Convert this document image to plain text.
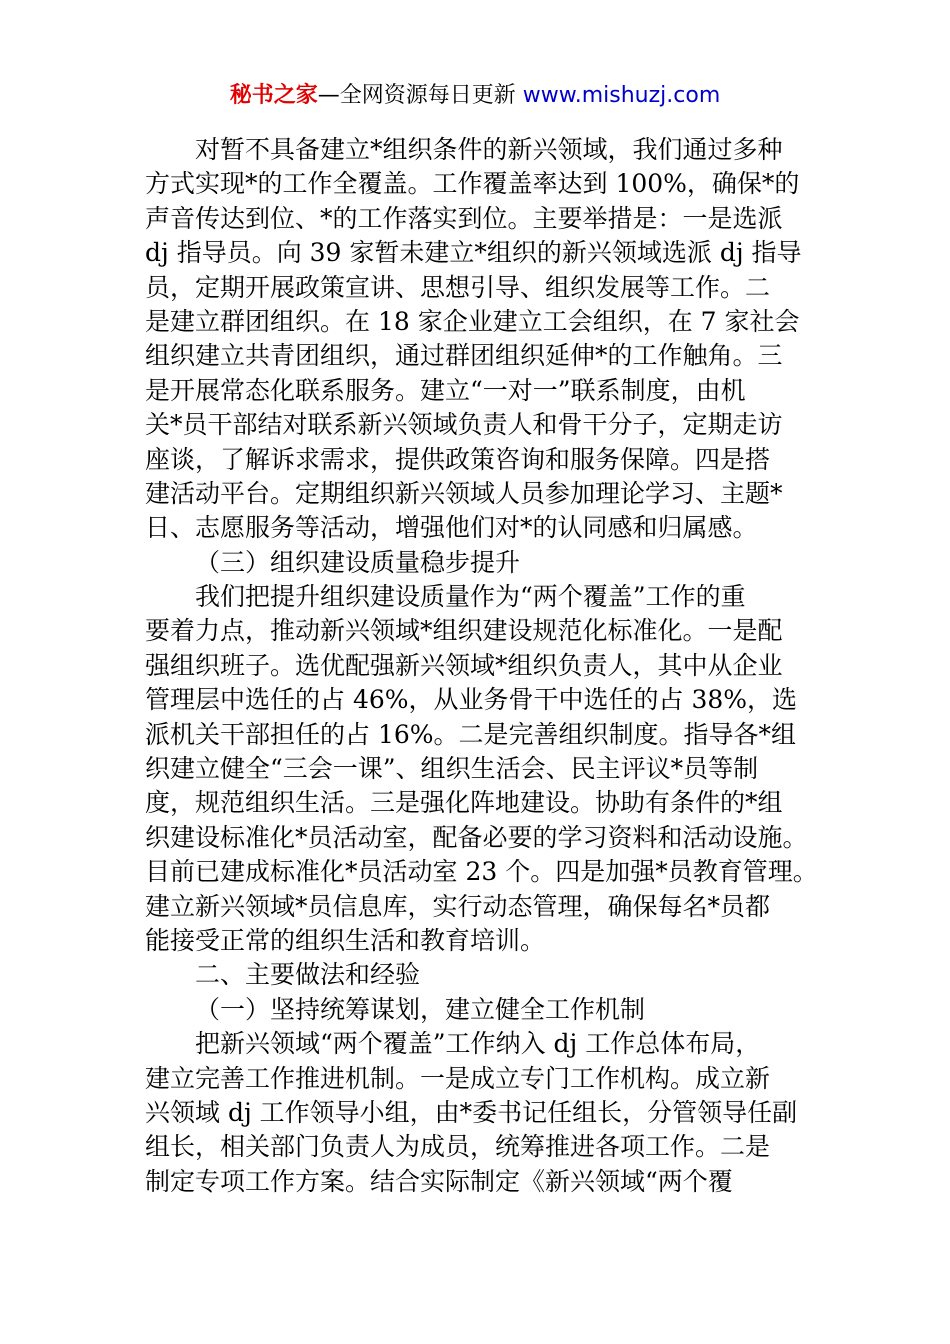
秘书之家—全网资源每日更新 www.mishuzj.com
对暂不具备建立*组织条件的新兴领域，我们通过多种
方式实现*的工作全覆盖。工作覆盖率达到 100%，确保*的
声音传达到位、*的工作落实到位。主要举措是：一是选派
dj 指导员。向 39 家暂未建立*组织的新兴领域选派 dj 指导
员，定期开展政策宣讲、思想引导、组织发展等工作。二
是建立群团组织。在 18 家企业建立工会组织，在 7 家社会
组织建立共青团组织，通过群团组织延伸*的工作触角。三
是开展常态化联系服务。建立“一对一”联系制度，由机
关*员干部结对联系新兴领域负责人和骨干分子，定期走访
座谈，了解诉求需求，提供政策咨询和服务保障。四是搭
建活动平台。定期组织新兴领域人员参加理论学习、主题*
日、志愿服务等活动，增强他们对*的认同感和归属感。
（三）组织建设质量稳步提升
我们把提升组织建设质量作为“两个覆盖”工作的重
要着力点，推动新兴领域*组织建设规范化标准化。一是配
强组织班子。选优配强新兴领域*组织负责人，其中从企业
管理层中选任的占 46%，从业务骨干中选任的占 38%，选
派机关干部担任的占 16%。二是完善组织制度。指导各*组
织建立健全“三会一课”、组织生活会、民主评议*员等制
度，规范组织生活。三是强化阵地建设。协助有条件的*组
织建设标准化*员活动室，配备必要的学习资料和活动设施。
目前已建成标准化*员活动室 23 个。四是加强*员教育管理。
建立新兴领域*员信息库，实行动态管理，确保每名*员都
能接受正常的组织生活和教育培训。
二、主要做法和经验
（一）坚持统筹谋划，建立健全工作机制
把新兴领域“两个覆盖”工作纳入 dj 工作总体布局，
建立完善工作推进机制。一是成立专门工作机构。成立新
兴领域 dj 工作领导小组，由*委书记任组长，分管领导任副
组长，相关部门负责人为成员，统筹推进各项工作。二是
制定专项工作方案。结合实际制定《新兴领域“两个覆
